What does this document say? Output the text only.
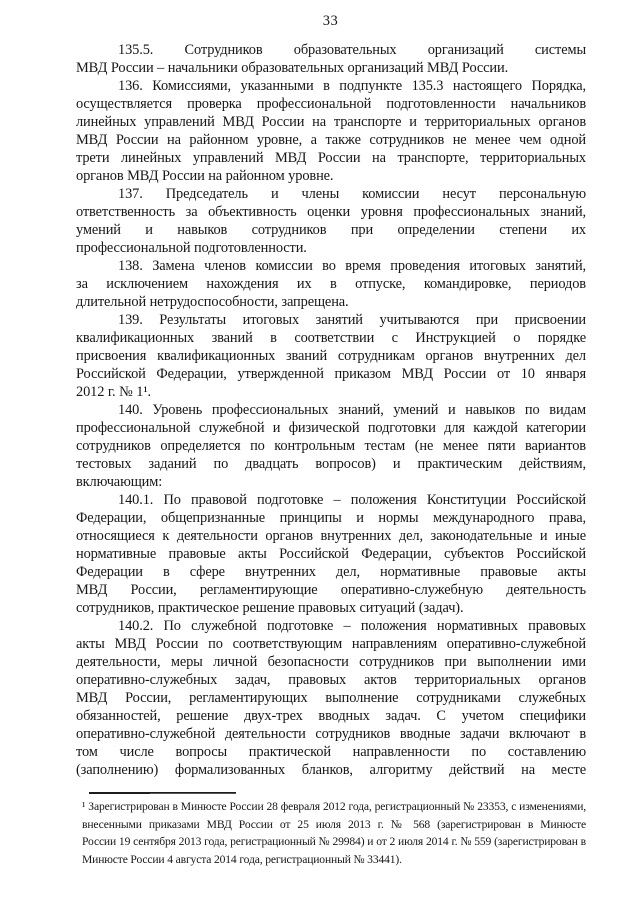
33
135.5. Сотрудников образовательных организаций системы
МВД России – начальники образовательных организаций МВД России.
136. Комиссиями, указанными в подпункте 135.3 настоящего Порядка,
осуществляется проверка профессиональной подготовленности начальников
линейных управлений МВД России на транспорте и территориальных органов
МВД России на районном уровне, а также сотрудников не менее чем одной
трети линейных управлений МВД России на транспорте, территориальных
органов МВД России на районном уровне.
137. Председатель и члены комиссии несут персональную
ответственность за объективность оценки уровня профессиональных знаний,
умений и навыков сотрудников при определении степени их
профессиональной подготовленности.
138. Замена членов комиссии во время проведения итоговых занятий,
за исключением нахождения их в отпуске, командировке, периодов
длительной нетрудоспособности, запрещена.
139. Результаты итоговых занятий учитываются при присвоении
квалификационных званий в соответствии с Инструкцией о порядке
присвоения квалификационных званий сотрудникам органов внутренних дел
Российской Федерации, утвержденной приказом МВД России от 10 января
2012 г. № 1¹.
140. Уровень профессиональных знаний, умений и навыков по видам
профессиональной служебной и физической подготовки для каждой категории
сотрудников определяется по контрольным тестам (не менее пяти вариантов
тестовых заданий по двадцать вопросов) и практическим действиям,
включающим:
140.1. По правовой подготовке – положения Конституции Российской
Федерации, общепризнанные принципы и нормы международного права,
относящиеся к деятельности органов внутренних дел, законодательные и иные
нормативные правовые акты Российской Федерации, субъектов Российской
Федерации в сфере внутренних дел, нормативные правовые акты
МВД России, регламентирующие оперативно-служебную деятельность
сотрудников, практическое решение правовых ситуаций (задач).
140.2. По служебной подготовке – положения нормативных правовых
акты МВД России по соответствующим направлениям оперативно-служебной
деятельности, меры личной безопасности сотрудников при выполнении ими
оперативно-служебных задач, правовых актов территориальных органов
МВД России, регламентирующих выполнение сотрудниками служебных
обязанностей, решение двух-трех вводных задач. С учетом специфики
оперативно-служебной деятельности сотрудников вводные задачи включают в
том числе вопросы практической направленности по составлению
(заполнению) формализованных бланков, алгоритму действий на месте
¹ Зарегистрирован в Минюсте России 28 февраля 2012 года, регистрационный № 23353, с изменениями,
внесенными приказами МВД России от 25 июля 2013 г. № 568 (зарегистрирован в Минюсте
России 19 сентября 2013 года, регистрационный № 29984) и от 2 июля 2014 г. № 559 (зарегистрирован в
Минюсте России 4 августа 2014 года, регистрационный № 33441).
